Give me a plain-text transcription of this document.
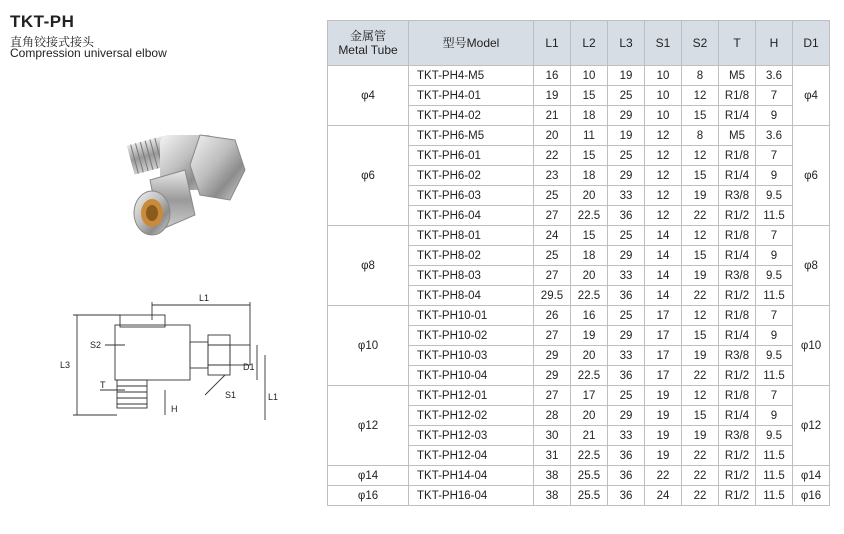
TKT-PH
直角铰接式接头
Compression universal elbow
L1
L3
S2
S1
D1
T
H
L1
金属管
Metal Tube	型号Model	L1	L2	L3	S1	S2	T	H	D1
φ4	TKT-PH4-M5	16	10	19	10	8	M5	3.6	φ4
	TKT-PH4-01	19	15	25	10	12	R1/8	7	
	TKT-PH4-02	21	18	29	10	15	R1/4	9	
φ6	TKT-PH6-M5	20	11	19	12	8	M5	3.6	φ6
	TKT-PH6-01	22	15	25	12	12	R1/8	7	
	TKT-PH6-02	23	18	29	12	15	R1/4	9	
	TKT-PH6-03	25	20	33	12	19	R3/8	9.5	
	TKT-PH6-04	27	22.5	36	12	22	R1/2	11.5	
φ8	TKT-PH8-01	24	15	25	14	12	R1/8	7	φ8
	TKT-PH8-02	25	18	29	14	15	R1/4	9	
	TKT-PH8-03	27	20	33	14	19	R3/8	9.5	
	TKT-PH8-04	29.5	22.5	36	14	22	R1/2	11.5	
φ10	TKT-PH10-01	26	16	25	17	12	R1/8	7	φ10
	TKT-PH10-02	27	19	29	17	15	R1/4	9	
	TKT-PH10-03	29	20	33	17	19	R3/8	9.5	
	TKT-PH10-04	29	22.5	36	17	22	R1/2	11.5	
φ12	TKT-PH12-01	27	17	25	19	12	R1/8	7	φ12
	TKT-PH12-02	28	20	29	19	15	R1/4	9	
	TKT-PH12-03	30	21	33	19	19	R3/8	9.5	
	TKT-PH12-04	31	22.5	36	19	22	R1/2	11.5	
φ14	TKT-PH14-04	38	25.5	36	22	22	R1/2	11.5	φ14
φ16	TKT-PH16-04	38	25.5	36	24	22	R1/2	11.5	φ16
